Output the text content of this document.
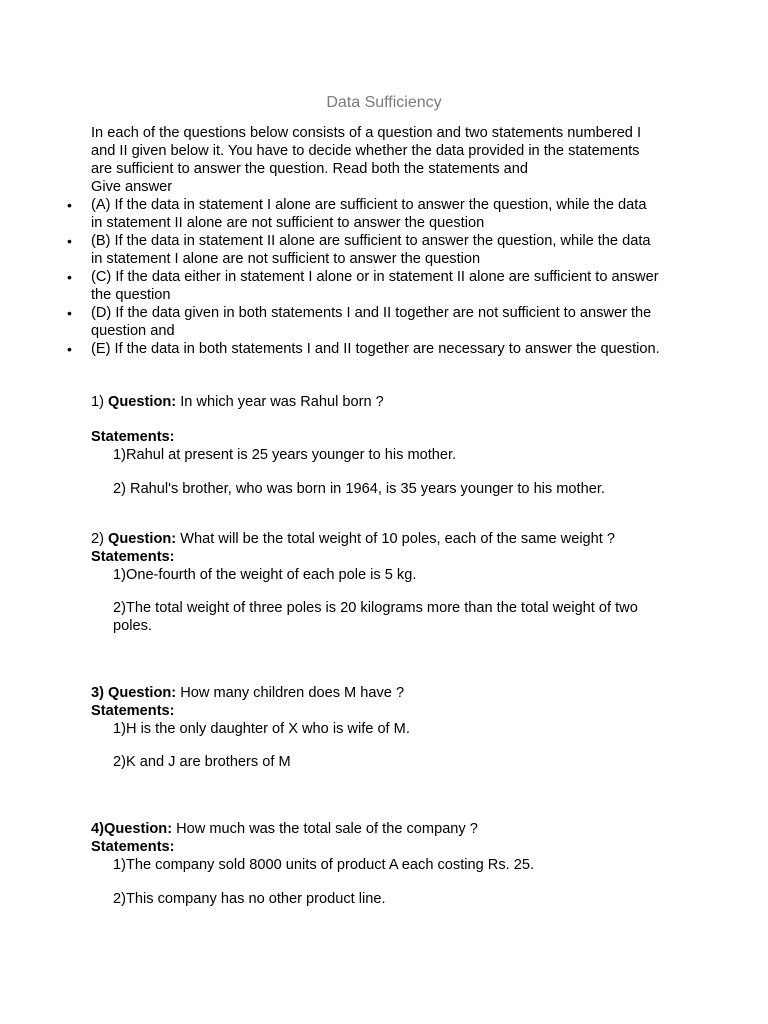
Data Sufficiency
In each of the questions below consists of a question and two statements numbered I
and II given below it. You have to decide whether the data provided in the statements
are sufficient to answer the question. Read both the statements and
Give answer
• (A) If the data in statement I alone are sufficient to answer the question, while the data
in statement II alone are not sufficient to answer the question
• (B) If the data in statement II alone are sufficient to answer the question, while the data
in statement I alone are not sufficient to answer the question
• (C) If the data either in statement I alone or in statement II alone are sufficient to answer
the question
• (D) If the data given in both statements I and II together are not sufficient to answer the
question and
• (E) If the data in both statements I and II together are necessary to answer the question.
1) Question: In which year was Rahul born ?
Statements:
1)Rahul at present is 25 years younger to his mother.
2) Rahul's brother, who was born in 1964, is 35 years younger to his mother.
2) Question: What will be the total weight of 10 poles, each of the same weight ?
Statements:
1)One-fourth of the weight of each pole is 5 kg.
2)The total weight of three poles is 20 kilograms more than the total weight of two
poles.
3) Question: How many children does M have ?
Statements:
1)H is the only daughter of X who is wife of M.
2)K and J are brothers of M
4)Question: How much was the total sale of the company ?
Statements:
1)The company sold 8000 units of product A each costing Rs. 25.
2)This company has no other product line.
